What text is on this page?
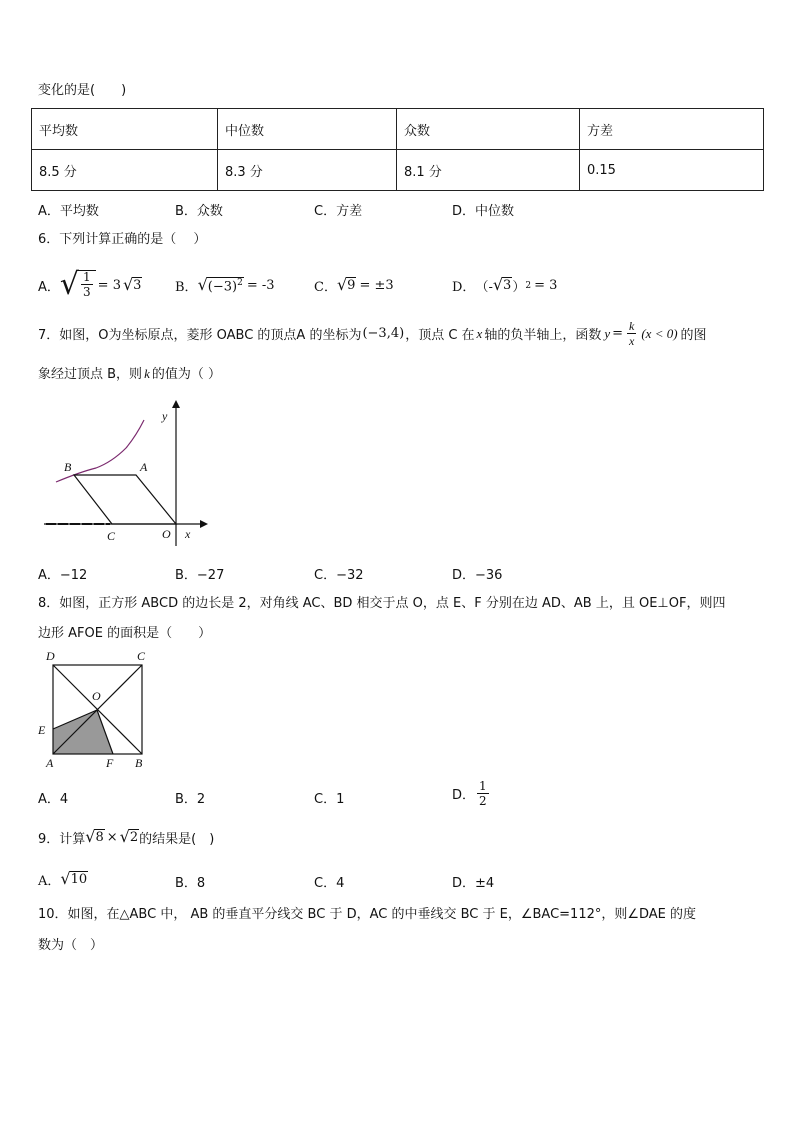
变化的是(　　)
平均数	中位数	众数	方差
8.5 分	8.3 分	8.1 分	0.15
A．平均数	B．众数	C．方差	D．中位数
6．下列计算正确的是（　 ）
A． √ $\frac{1}{3} = 3$ √ 3	B． √ $(-3)^2 = -3$	C． √ 9 = ±3	D． （- √ 3 ） 2 = 3
7．如图，O为坐标原点，菱形 OABC 的顶点A 的坐标为 (−3,4) ，顶点 C 在 x 轴的负半轴上，函数 $y = \frac{k}{x} (x < 0)$ 的图
象经过顶点 B，则 k 的值为（ ）
y
x
B	A
C	O
A．−12	B．−27	C．−32	D．−36
8．如图，正方形 ABCD 的边长是 2，对角线 AC、BD 相交于点 O，点 E、F 分别在边 AD、AB 上，且 OE⊥OF，则四
边形 AFOE 的面积是（　　）
D	C
O
E
A	F B
A．4	B．2	C．1	D． $\frac{1}{2}$
9．计算 √ 8 × √ 2 的结果是(　)
A． √ 10	B．8	C．4	D．±4
10．如图，在△ABC 中， AB 的垂直平分线交 BC 于 D，AC 的中垂线交 BC 于 E，∠BAC=112°，则∠DAE 的度
数为（　）
